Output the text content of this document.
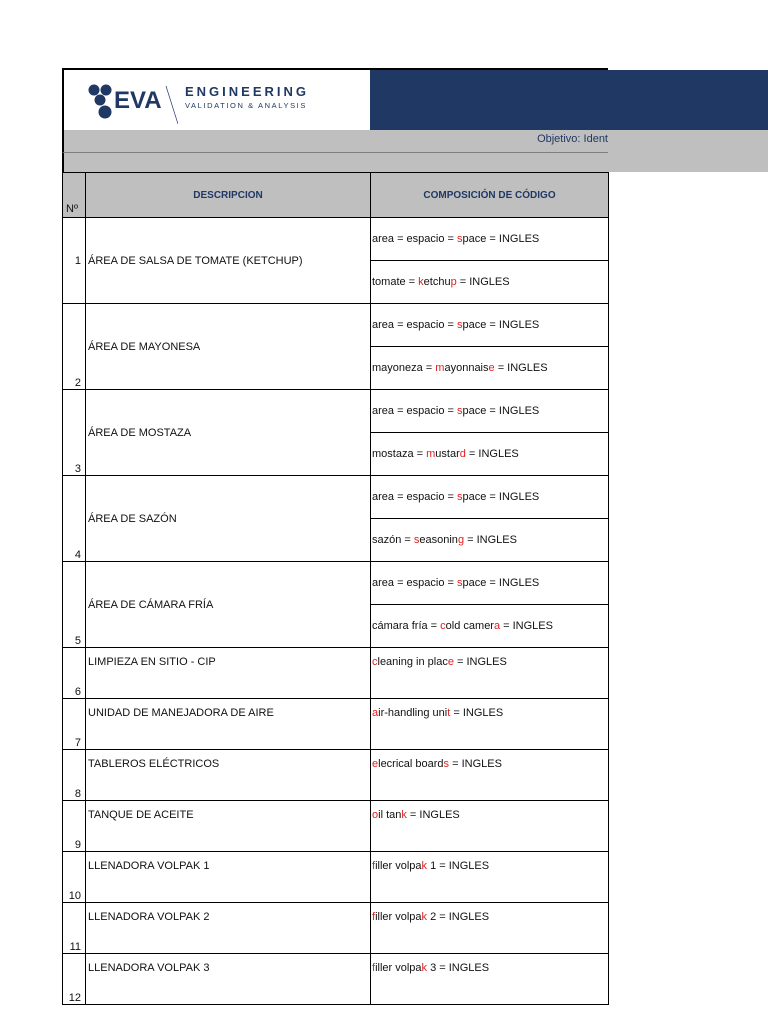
EVA ENGINEERING
VALIDATION & ANALYSIS
Objetivo: Ident
Nº	DESCRIPCION	COMPOSICIÓN DE CÓDIGO
1	ÁREA DE SALSA DE TOMATE (KETCHUP)	area = espacio = space = INGLES
		tomate = ketchup = INGLES
2	ÁREA DE MAYONESA	area = espacio = space = INGLES
		mayoneza = mayonnaise = INGLES
3	ÁREA DE MOSTAZA	area = espacio = space = INGLES
		mostaza = mustard = INGLES
4	ÁREA DE SAZÓN	area = espacio = space = INGLES
		sazón = seasoning = INGLES
5	ÁREA DE CÁMARA FRÍA	area = espacio = space = INGLES
		cámara fría = cold camera = INGLES
6	LIMPIEZA EN SITIO - CIP	cleaning in place = INGLES
7	UNIDAD DE MANEJADORA DE AIRE	air-handling unit = INGLES
8	TABLEROS ELÉCTRICOS	elecrical boards = INGLES
9	TANQUE DE ACEITE	oil tank = INGLES
10	LLENADORA VOLPAK 1	filler volpak 1 = INGLES
11	LLENADORA VOLPAK 2	filler volpak 2 = INGLES
12	LLENADORA VOLPAK 3	filler volpak 3 = INGLES
